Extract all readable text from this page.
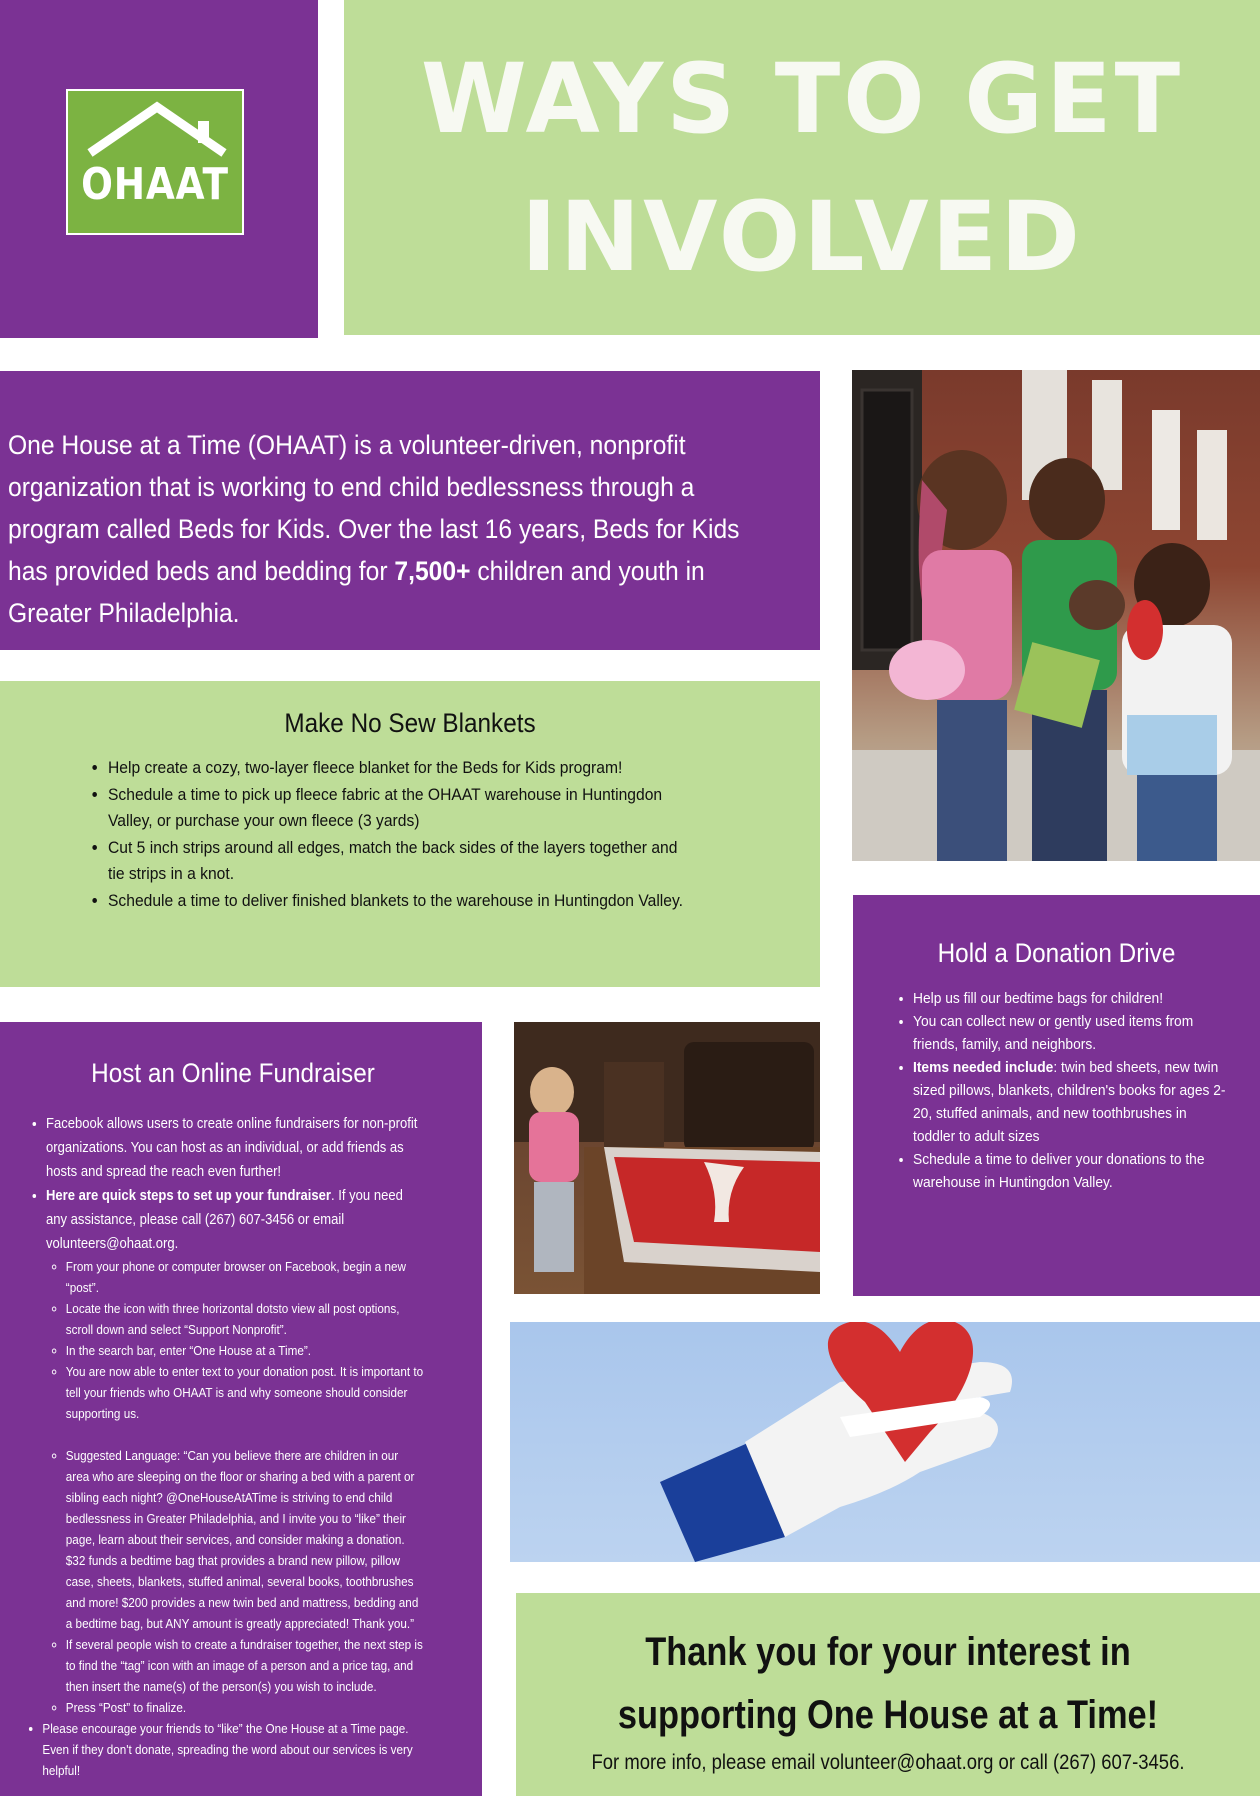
OHAAT
WAYS TO GET
INVOLVED
One House at a Time (OHAAT) is a volunteer-driven, nonprofit organization that is working to end child bedlessness through a program called Beds for Kids. Over the last 16 years, Beds for Kids has provided beds and bedding for 7,500+ children and youth in Greater Philadelphia.
Make No Sew Blankets
• Help create a cozy, two-layer fleece blanket for the Beds for Kids program!
• Schedule a time to pick up fleece fabric at the OHAAT warehouse in Huntingdon Valley, or purchase your own fleece (3 yards)
• Cut 5 inch strips around all edges, match the back sides of the layers together and tie strips in a knot.
• Schedule a time to deliver finished blankets to the warehouse in Huntingdon Valley.
Hold a Donation Drive
• Help us fill our bedtime bags for children!
• You can collect new or gently used items from friends, family, and neighbors.
• Items needed include: twin bed sheets, new twin sized pillows, blankets, children's books for ages 2-20, stuffed animals, and new toothbrushes in toddler to adult sizes
• Schedule a time to deliver your donations to the warehouse in Huntingdon Valley.
Host an Online Fundraiser
• Facebook allows users to create online fundraisers for non-profit organizations. You can host as an individual, or add friends as hosts and spread the reach even further!
• Here are quick steps to set up your fundraiser. If you need any assistance, please call (267) 607-3456 or email volunteers@ohaat.org.
◦ From your phone or computer browser on Facebook, begin a new “post”.
◦ Locate the icon with three horizontal dotsto view all post options, scroll down and select “Support Nonprofit”.
◦ In the search bar, enter “One House at a Time”.
◦ You are now able to enter text to your donation post. It is important to tell your friends who OHAAT is and why someone should consider supporting us.
◦ Suggested Language: “Can you believe there are children in our area who are sleeping on the floor or sharing a bed with a parent or sibling each night? @OneHouseAtATime is striving to end child bedlessness in Greater Philadelphia, and I invite you to “like” their page, learn about their services, and consider making a donation. $32 funds a bedtime bag that provides a brand new pillow, pillow case, sheets, blankets, stuffed animal, several books, toothbrushes and more! $200 provides a new twin bed and mattress, bedding and a bedtime bag, but ANY amount is greatly appreciated! Thank you.”
◦ If several people wish to create a fundraiser together, the next step is to find the “tag” icon with an image of a person and a price tag, and then insert the name(s) of the person(s) you wish to include.
◦ Press “Post” to finalize.
• Please encourage your friends to “like” the One House at a Time page. Even if they don't donate, spreading the word about our services is very helpful!
Thank you for your interest in
supporting One House at a Time!
For more info, please email volunteer@ohaat.org or call (267) 607-3456.
